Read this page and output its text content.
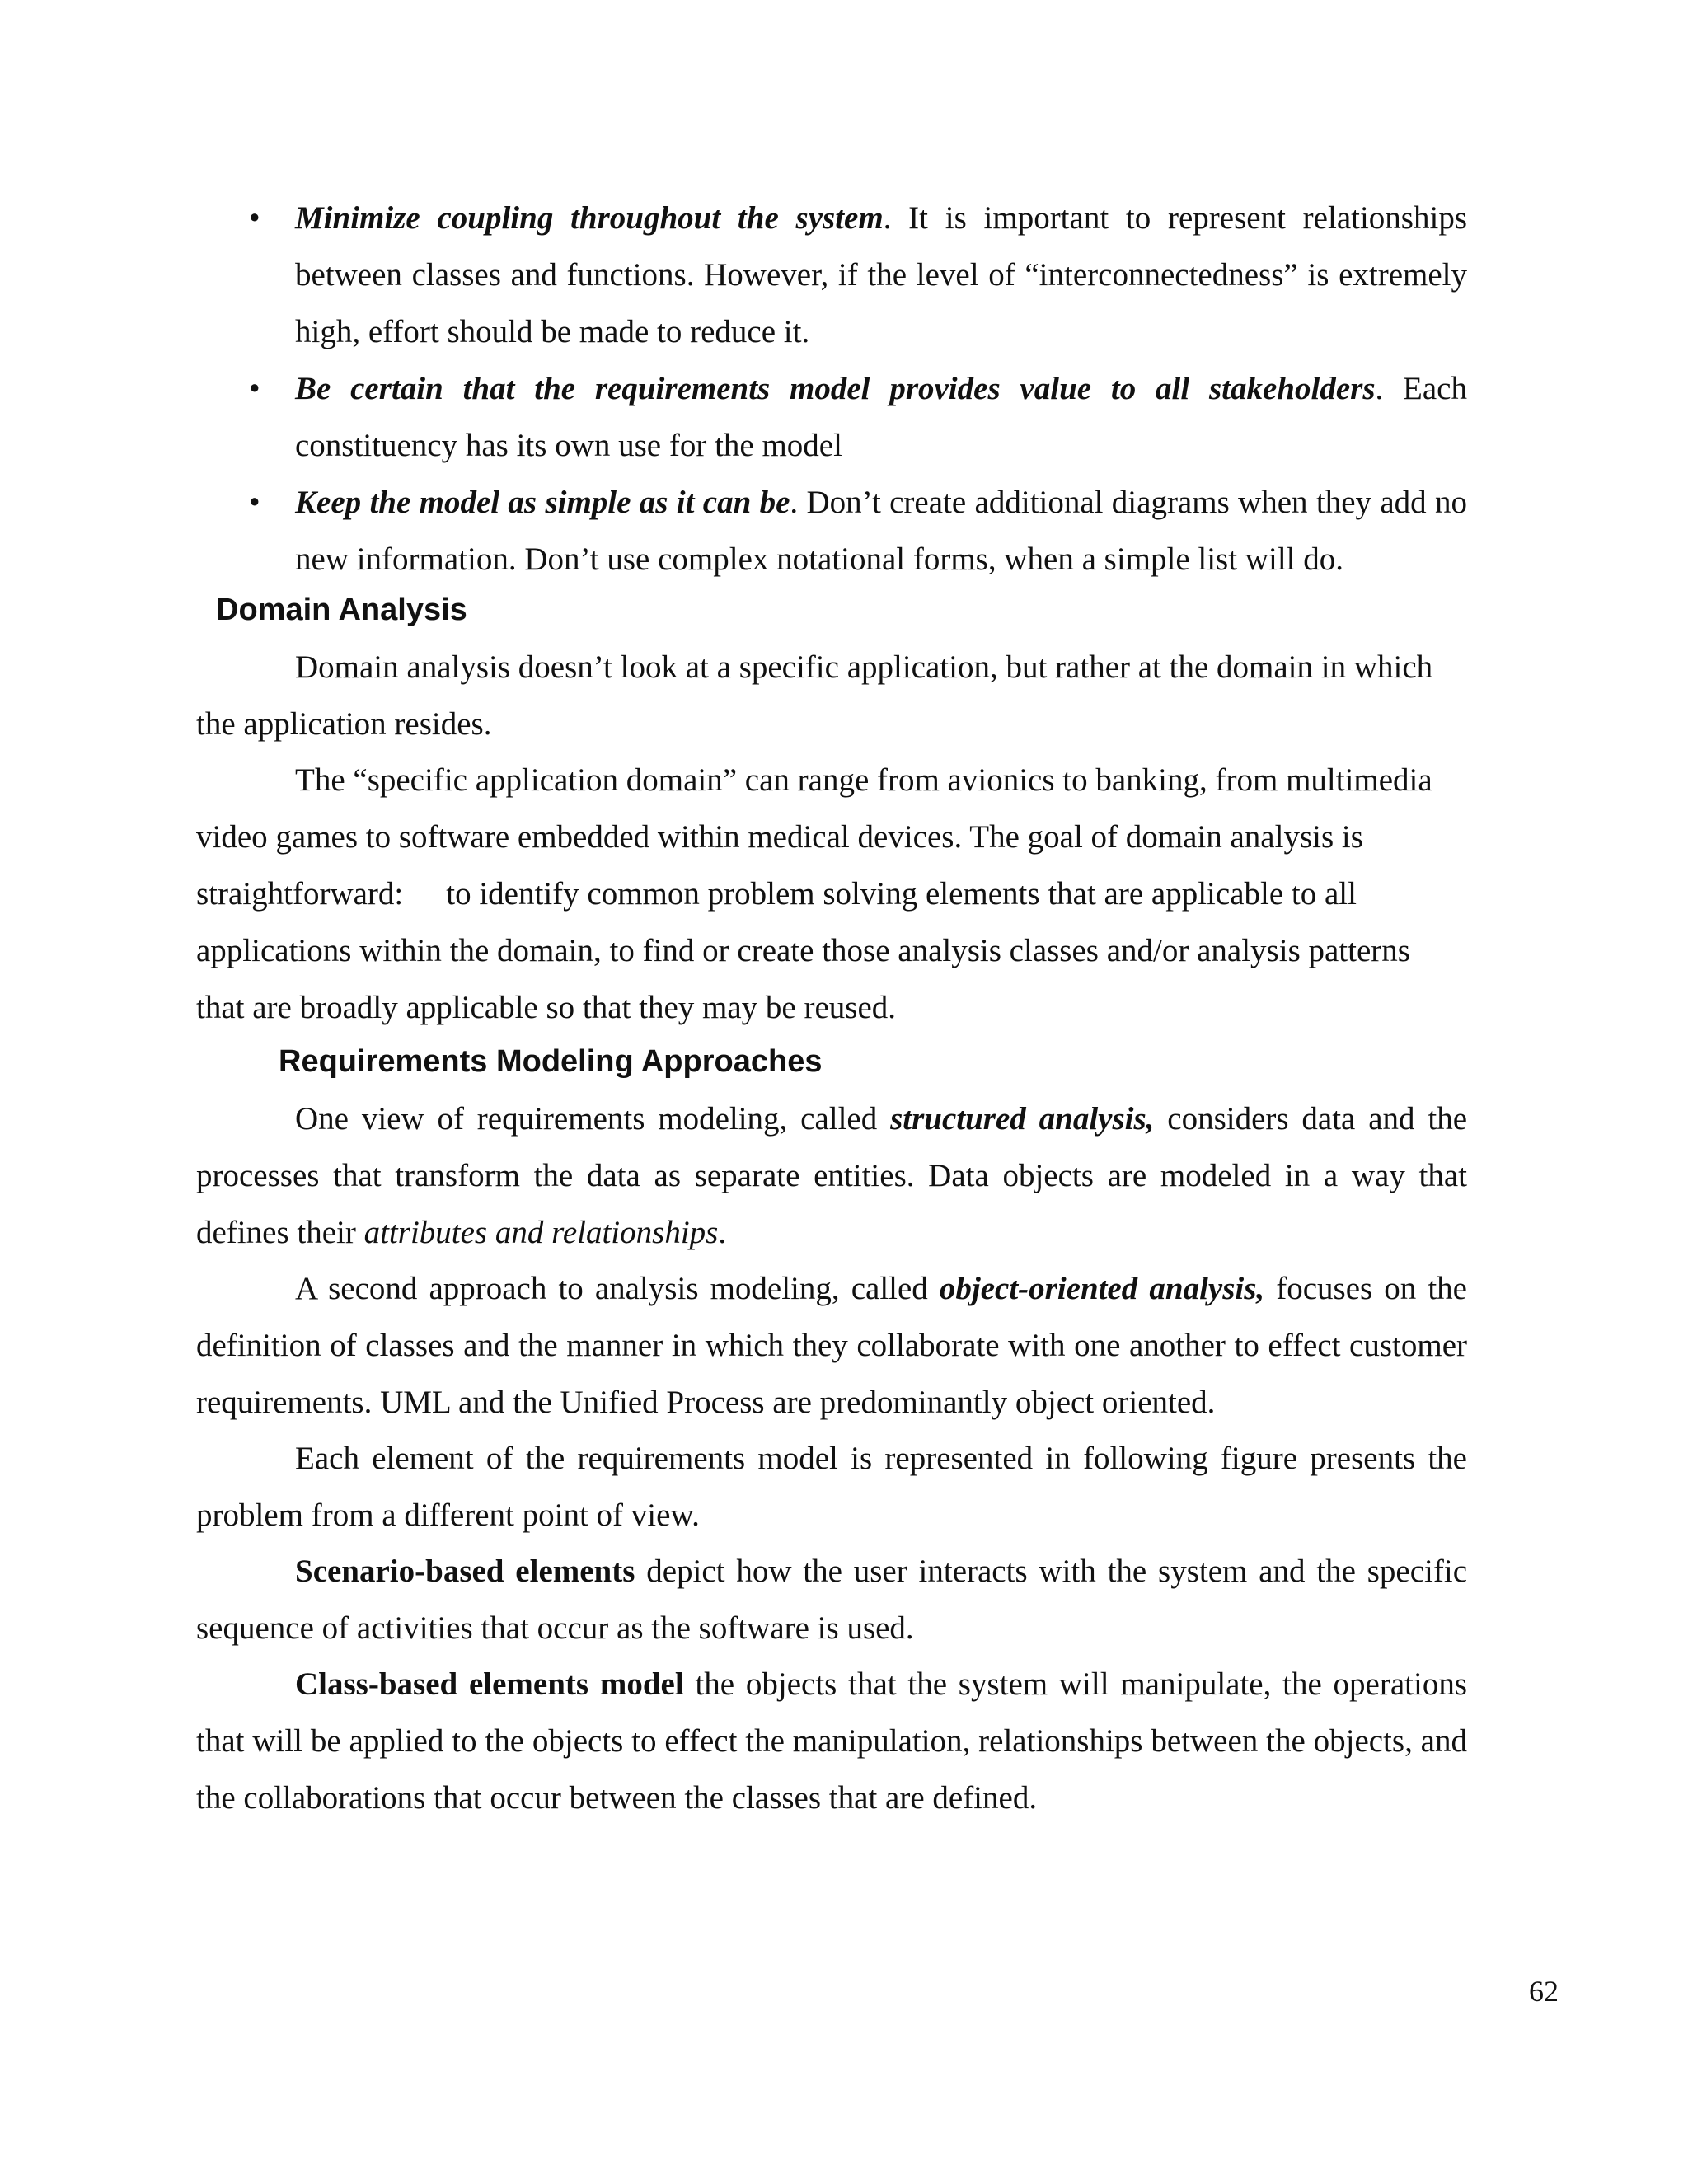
• Minimize coupling throughout the system. It is important to represent relationships between classes and functions. However, if the level of “interconnectedness” is extremely high, effort should be made to reduce it.
• Be certain that the requirements model provides value to all stakeholders. Each constituency has its own use for the model
• Keep the model as simple as it can be. Don’t create additional diagrams when they add no new information. Don’t use complex notational forms, when a simple list will do.
Domain Analysis

Domain analysis doesn’t look at a specific application, but rather at the domain in which the application resides.

The “specific application domain” can range from avionics to banking, from multimedia
video games to software embedded within medical devices. The goal of domain analysis is
straightforward: to identify common problem solving elements that are applicable to all
applications within the domain, to find or create those analysis classes and/or analysis patterns
that are broadly applicable so that they may be reused.

Requirements Modeling Approaches

One view of requirements modeling, called structured analysis, considers data and the processes that transform the data as separate entities. Data objects are modeled in a way that defines their attributes and relationships.

A second approach to analysis modeling, called object-oriented analysis, focuses on the definition of classes and the manner in which they collaborate with one another to effect customer requirements. UML and the Unified Process are predominantly object oriented.

Each element of the requirements model is represented in following figure presents the problem from a different point of view.

Scenario-based elements depict how the user interacts with the system and the specific sequence of activities that occur as the software is used.

Class-based elements model the objects that the system will manipulate, the operations that will be applied to the objects to effect the manipulation, relationships between the objects, and the collaborations that occur between the classes that are defined.

62
